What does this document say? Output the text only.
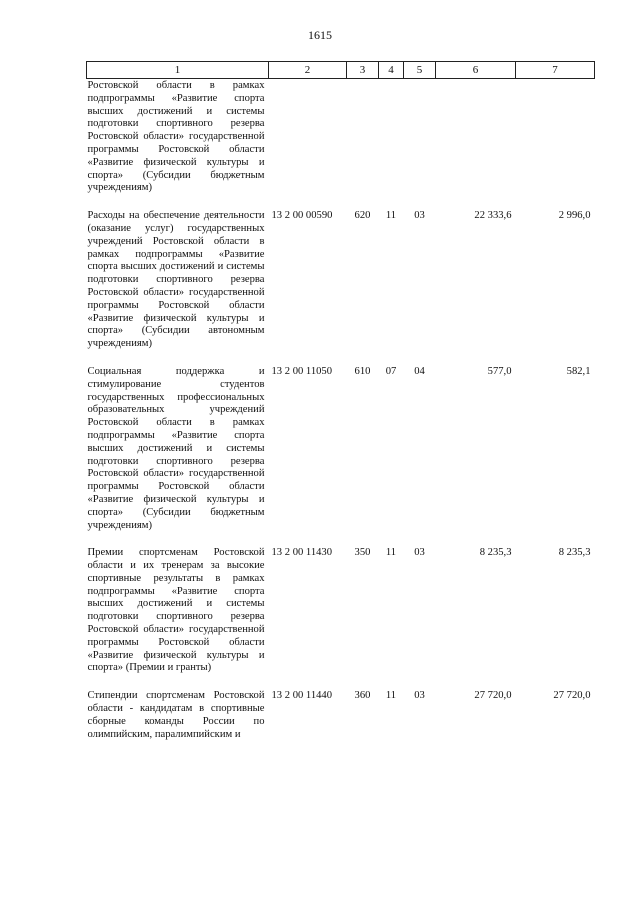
1615
1	2	3	4	5	6	7
Ростовской области в рамках подпрограммы «Развитие спорта высших достижений и системы подготовки спортивного резерва Ростовской области» государственной программы Ростовской области «Развитие физической культуры и спорта» (Субсидии бюджетным учреждениям)						
Расходы на обеспечение деятельности (оказание услуг) государственных учреждений Ростовской области в рамках подпрограммы «Развитие спорта высших достижений и системы подготовки спортивного резерва Ростовской области» государственной программы Ростовской области «Развитие физической культуры и спорта» (Субсидии автономным учреждениям)	13 2 00 00590	620	11	03	22 333,6	2 996,0
Социальная поддержка и стимулирование студентов государственных профессиональных образовательных учреждений Ростовской области в рамках подпрограммы «Развитие спорта высших достижений и системы подготовки спортивного резерва Ростовской области» государственной программы Ростовской области «Развитие физической культуры и спорта» (Субсидии бюджетным учреждениям)	13 2 00 11050	610	07	04	577,0	582,1
Премии спортсменам Ростовской области и их тренерам за высокие спортивные результаты в рамках подпрограммы «Развитие спорта высших достижений и системы подготовки спортивного резерва Ростовской области» государственной программы Ростовской области «Развитие физической культуры и спорта» (Премии и гранты)	13 2 00 11430	350	11	03	8 235,3	8 235,3
Стипендии спортсменам Ростовской области - кандидатам в спортивные сборные команды России по олимпийским, паралимпийским и	13 2 00 11440	360	11	03	27 720,0	27 720,0
